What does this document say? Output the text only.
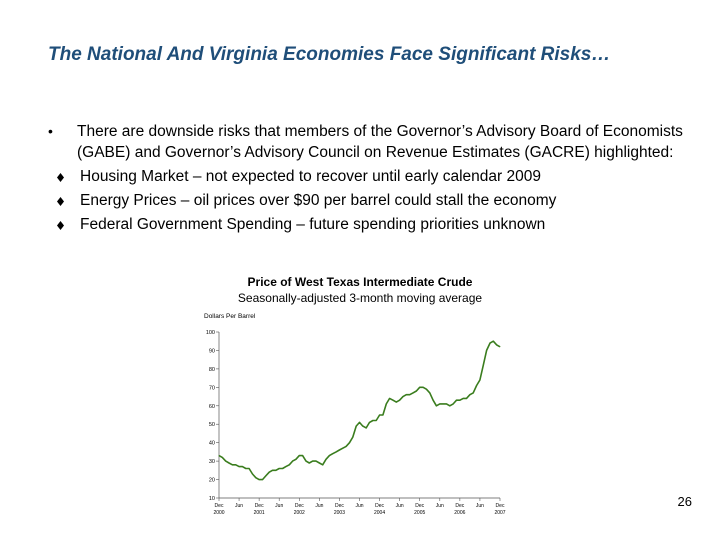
The National And Virginia Economies Face Significant Risks…
• There are downside risks that members of the Governor’s Advisory Board of Economists (GABE) and Governor’s Advisory Council on Revenue Estimates (GACRE) highlighted:
Housing Market – not expected to recover until early calendar 2009
Energy Prices – oil prices over $90 per barrel could stall the economy
Federal Government Spending – future spending priorities unknown
Price of West Texas Intermediate Crude
Seasonally-adjusted 3-month moving average
Dollars Per Barrel
10
20
30
40
50
60
70
80
90
100
Dec Jun Dec Jun Dec Jun Dec Jun Dec Jun Dec Jun Dec Jun Dec
2000	2001	2002	2003	2004	2005	2006	2007
26
